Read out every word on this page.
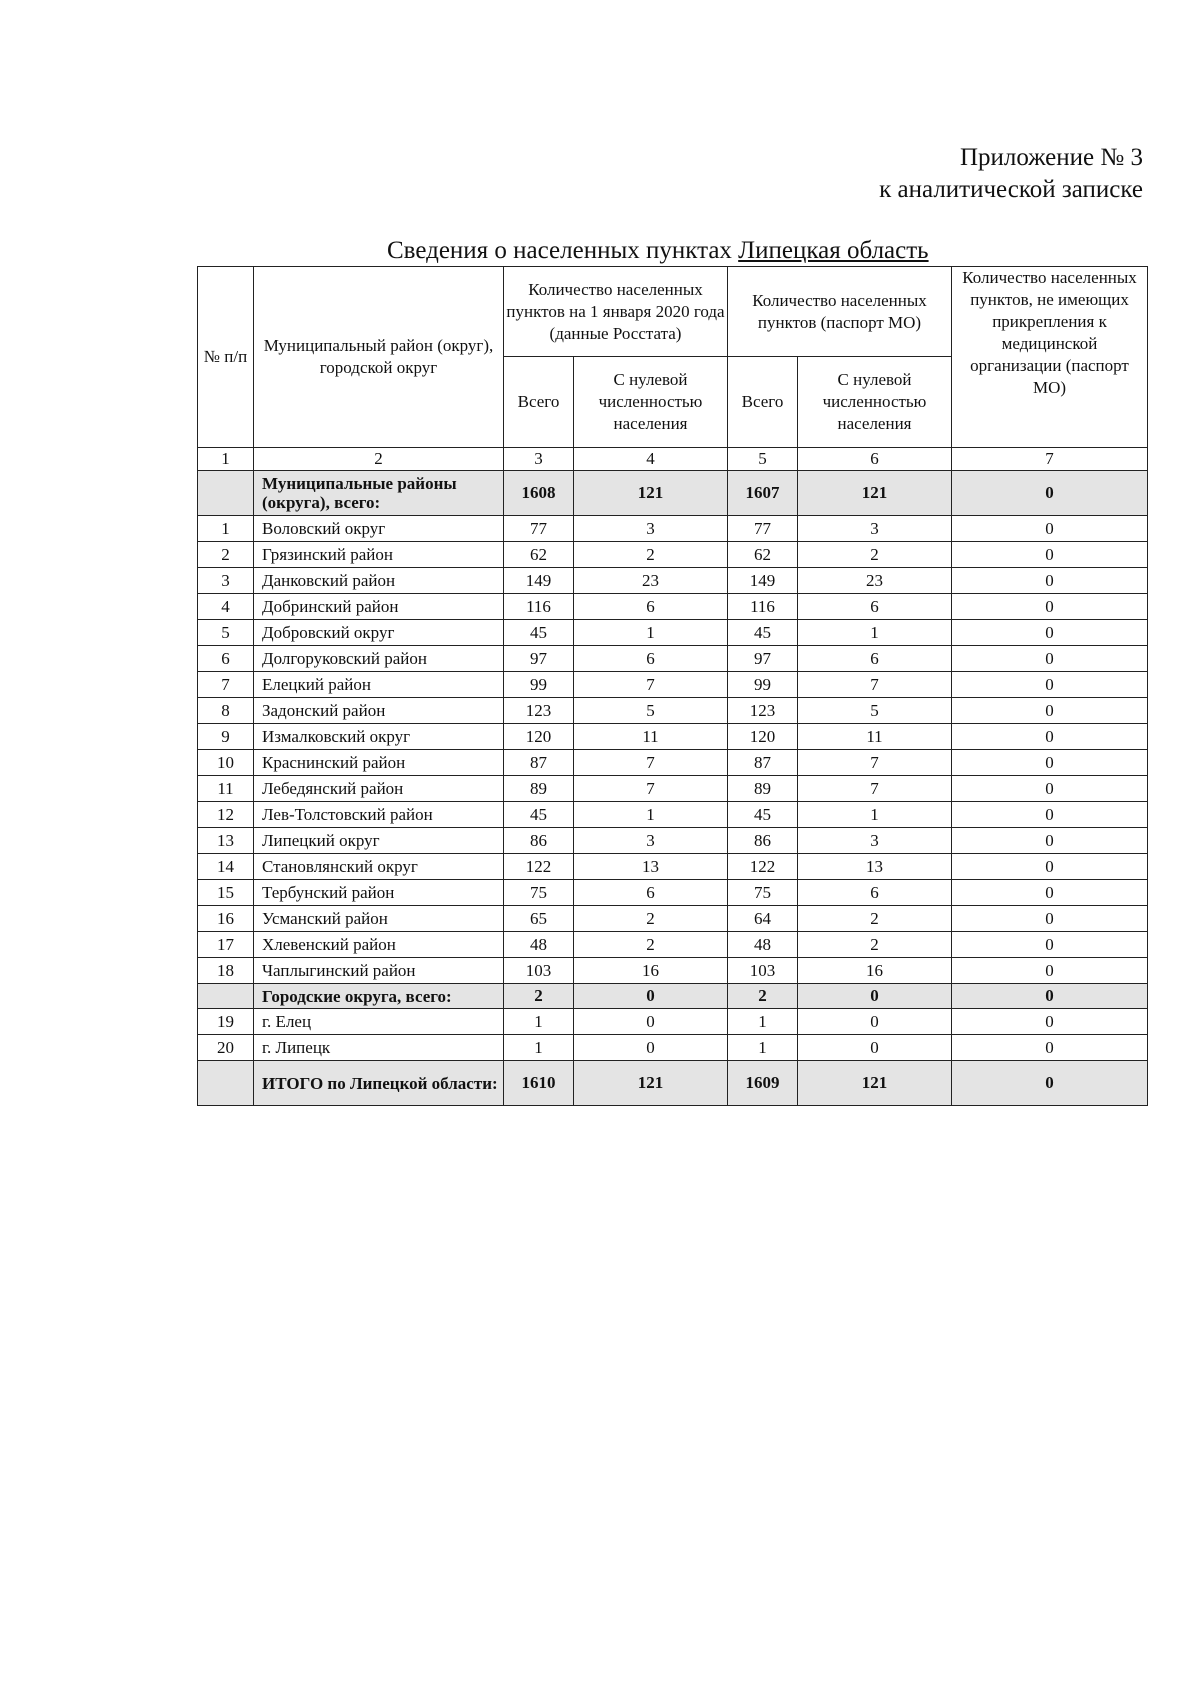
Приложение № 3
к аналитической записке
Сведения о населенных пунктах Липецкая область
№ п/п	Муниципальный район (округ), городской округ	Количество населенных пунктов на 1 января 2020 года (данные Росстата)		Количество населенных пунктов (паспорт МО)		Количество населенных пунктов, не имеющих прикрепления к медицинской организации (паспорт МО)
		Всего	С нулевой численностью населения	Всего	С нулевой численностью населения	
1	2	3	4	5	6	7
	Муниципальные районы (округа), всего:	1608	121	1607	121	0
1	Воловский округ	77	3	77	3	0
2	Грязинский район	62	2	62	2	0
3	Данковский район	149	23	149	23	0
4	Добринский район	116	6	116	6	0
5	Добровский округ	45	1	45	1	0
6	Долгоруковский район	97	6	97	6	0
7	Елецкий район	99	7	99	7	0
8	Задонский район	123	5	123	5	0
9	Измалковский округ	120	11	120	11	0
10	Краснинский район	87	7	87	7	0
11	Лебедянский район	89	7	89	7	0
12	Лев-Толстовский район	45	1	45	1	0
13	Липецкий округ	86	3	86	3	0
14	Становлянский округ	122	13	122	13	0
15	Тербунский район	75	6	75	6	0
16	Усманский район	65	2	64	2	0
17	Хлевенский район	48	2	48	2	0
18	Чаплыгинский район	103	16	103	16	0
	Городские округа, всего:	2	0	2	0	0
19	г. Елец	1	0	1	0	0
20	г. Липецк	1	0	1	0	0
	ИТОГО по Липецкой области:	1610	121	1609	121	0
